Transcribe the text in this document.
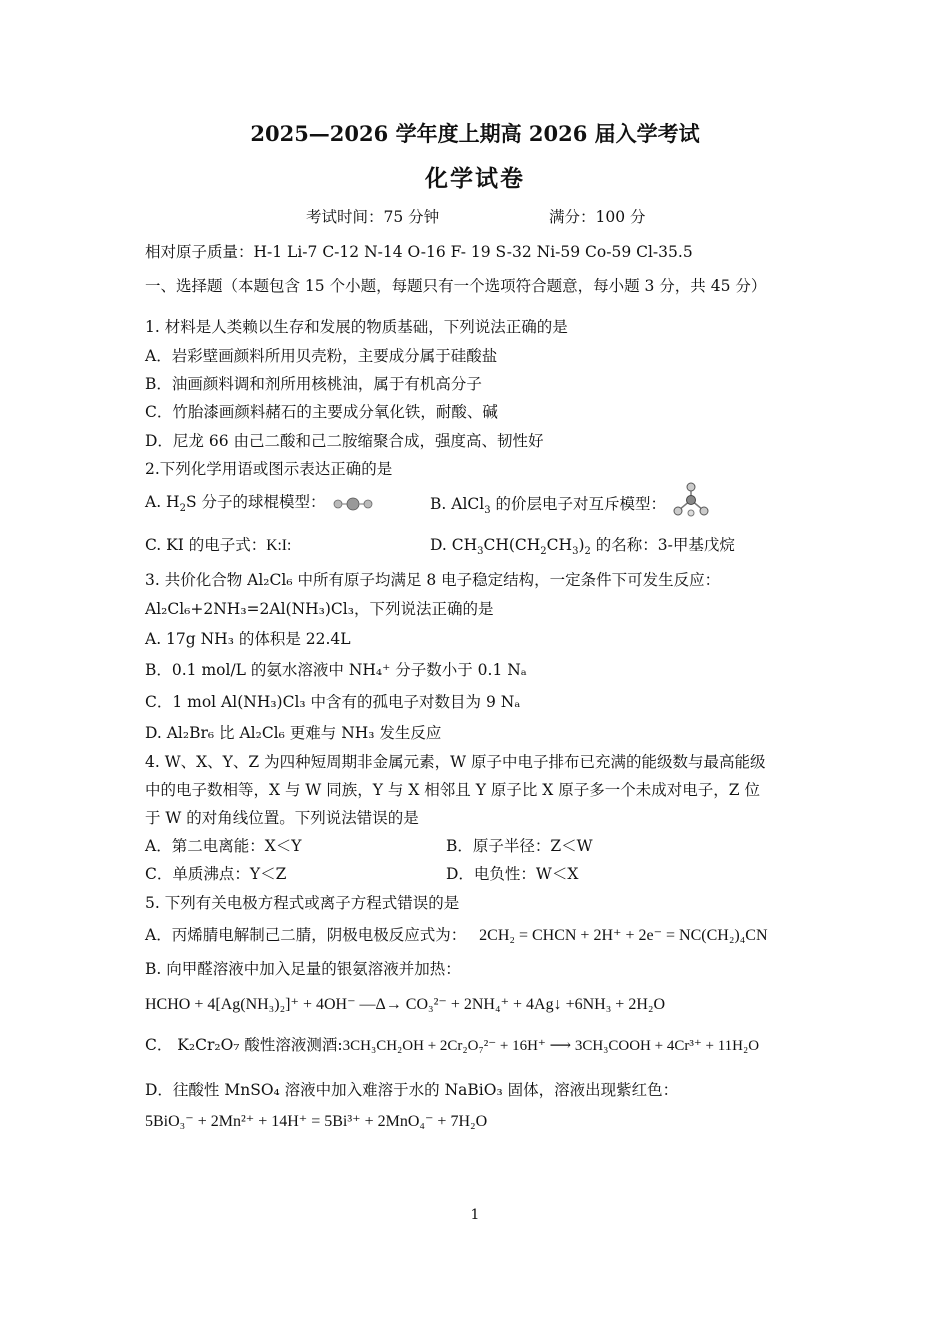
2025—2026 学年度上期高 2026 届入学考试
化学试卷
考试时间：75 分钟	满分：100 分
相对原子质量：H-1 Li-7 C-12 N-14 O-16 F- 19 S-32 Ni-59 Co-59 Cl-35.5
一、选择题（本题包含 15 个小题，每题只有一个选项符合题意，每小题 3 分，共 45 分）
1. 材料是人类赖以生存和发展的物质基础，下列说法正确的是
A．岩彩壁画颜料所用贝壳粉，主要成分属于硅酸盐
B．油画颜料调和剂所用核桃油，属于有机高分子
C．竹胎漆画颜料赭石的主要成分氧化铁，耐酸、碱
D．尼龙 66 由己二酸和己二胺缩聚合成，强度高、韧性好
2.下列化学用语或图示表达正确的是
A. $H_2S$ 分子的球棍模型：	B. AlCl$_3$ 的价层电子对互斥模型：
C. KI 的电子式：K:I:	D. $CH_3CH(CH_2CH_3)_2$ 的名称：3-甲基戊烷
3. 共价化合物 Al₂Cl₆ 中所有原子均满足 8 电子稳定结构，一定条件下可发生反应：
Al₂Cl₆+2NH₃=2Al(NH₃)Cl₃，下列说法正确的是
A. 17g NH₃ 的体积是 22.4L
B．0.1 mol/L 的氨水溶液中 NH₄⁺ 分子数小于 0.1 Nₐ
C．1 mol Al(NH₃)Cl₃ 中含有的孤电子对数目为 9 Nₐ
D. Al₂Br₆ 比 Al₂Cl₆ 更难与 NH₃ 发生反应
4. W、X、Y、Z 为四种短周期非金属元素，W 原子中电子排布已充满的能级数与最高能级
中的电子数相等，X 与 W 同族，Y 与 X 相邻且 Y 原子比 X 原子多一个未成对电子，Z 位
于 W 的对角线位置。下列说法错误的是
A．第二电离能：X＜Y	B．原子半径：Z＜W
C．单质沸点：Y＜Z	D．电负性：W＜X
5. 下列有关电极方程式或离子方程式错误的是
A．丙烯腈电解制己二腈，阴极电极反应式为： 2CH₂ = CHCN + 2H⁺ + 2e⁻ = NC(CH₂)₄CN
B. 向甲醛溶液中加入足量的银氨溶液并加热：
HCHO + 4[Ag(NH₃)₂]⁺ + 4OH⁻ —Δ→ CO₃²⁻ + 2NH₄⁺ + 4Ag↓ +6NH₃ + 2H₂O
C． K₂Cr₂O₇ 酸性溶液测酒:3CH₃CH₂OH + 2Cr₂O₇²⁻ + 16H⁺ ⟶ 3CH₃COOH + 4Cr³⁺ + 11H₂O
D．往酸性 MnSO₄ 溶液中加入难溶于水的 NaBiO₃ 固体，溶液出现紫红色：
5BiO₃⁻ + 2Mn²⁺ + 14H⁺ = 5Bi³⁺ + 2MnO₄⁻ + 7H₂O
1
